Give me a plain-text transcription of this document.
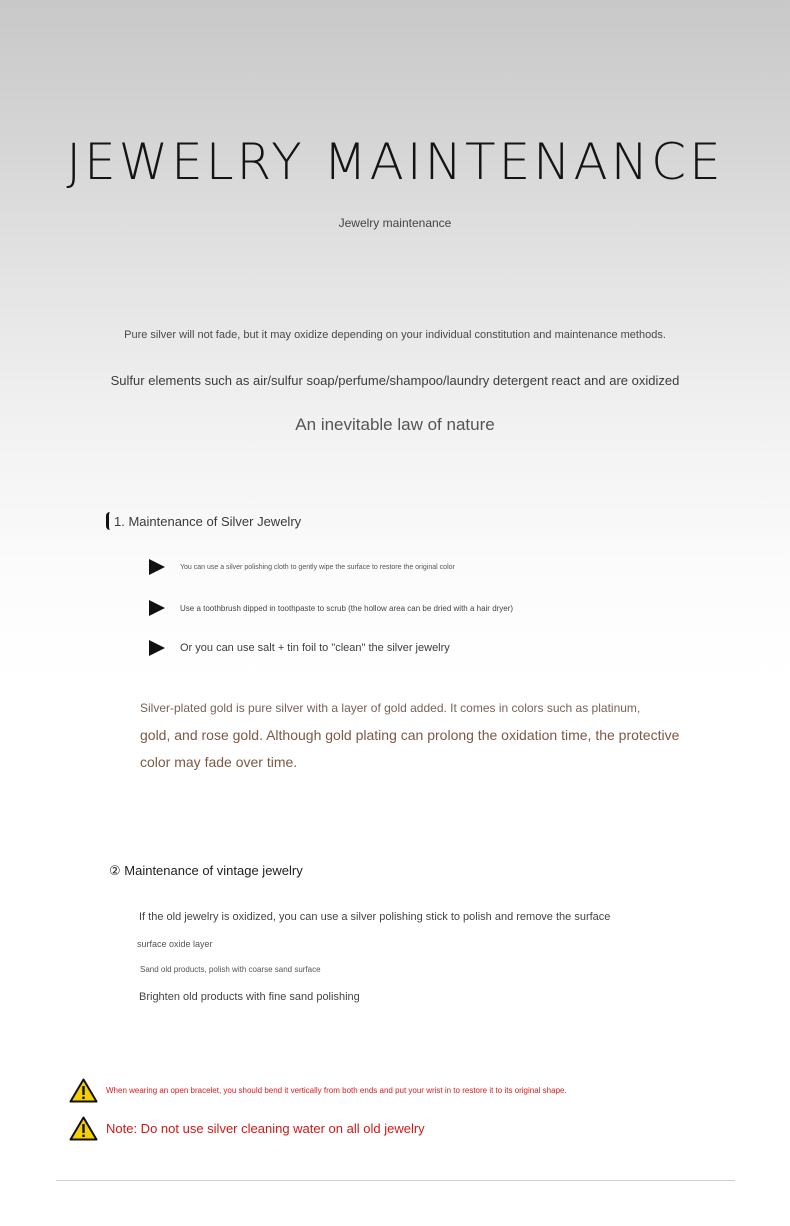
JEWELRY MAINTENANCE
Jewelry maintenance

Pure silver will not fade, but it may oxidize depending on your individual constitution and maintenance methods.

Sulfur elements such as air/sulfur soap/perfume/shampoo/laundry detergent react and are oxidized

An inevitable law of nature

1. Maintenance of Silver Jewelry
You can use a silver polishing cloth to gently wipe the surface to restore the original color
Use a toothbrush dipped in toothpaste to scrub (the hollow area can be dried with a hair dryer)
Or you can use salt + tin foil to "clean" the silver jewelry

Silver-plated gold is pure silver with a layer of gold added. It comes in colors such as platinum,

gold, and rose gold. Although gold plating can prolong the oxidation time, the protective

color may fade over time.

② Maintenance of vintage jewelry

If the old jewelry is oxidized, you can use a silver polishing stick to polish and remove the surface

surface oxide layer

Sand old products, polish with coarse sand surface

Brighten old products with fine sand polishing

When wearing an open bracelet, you should bend it vertically from both ends and put your wrist in to restore it to its original shape.
Note: Do not use silver cleaning water on all old jewelry
